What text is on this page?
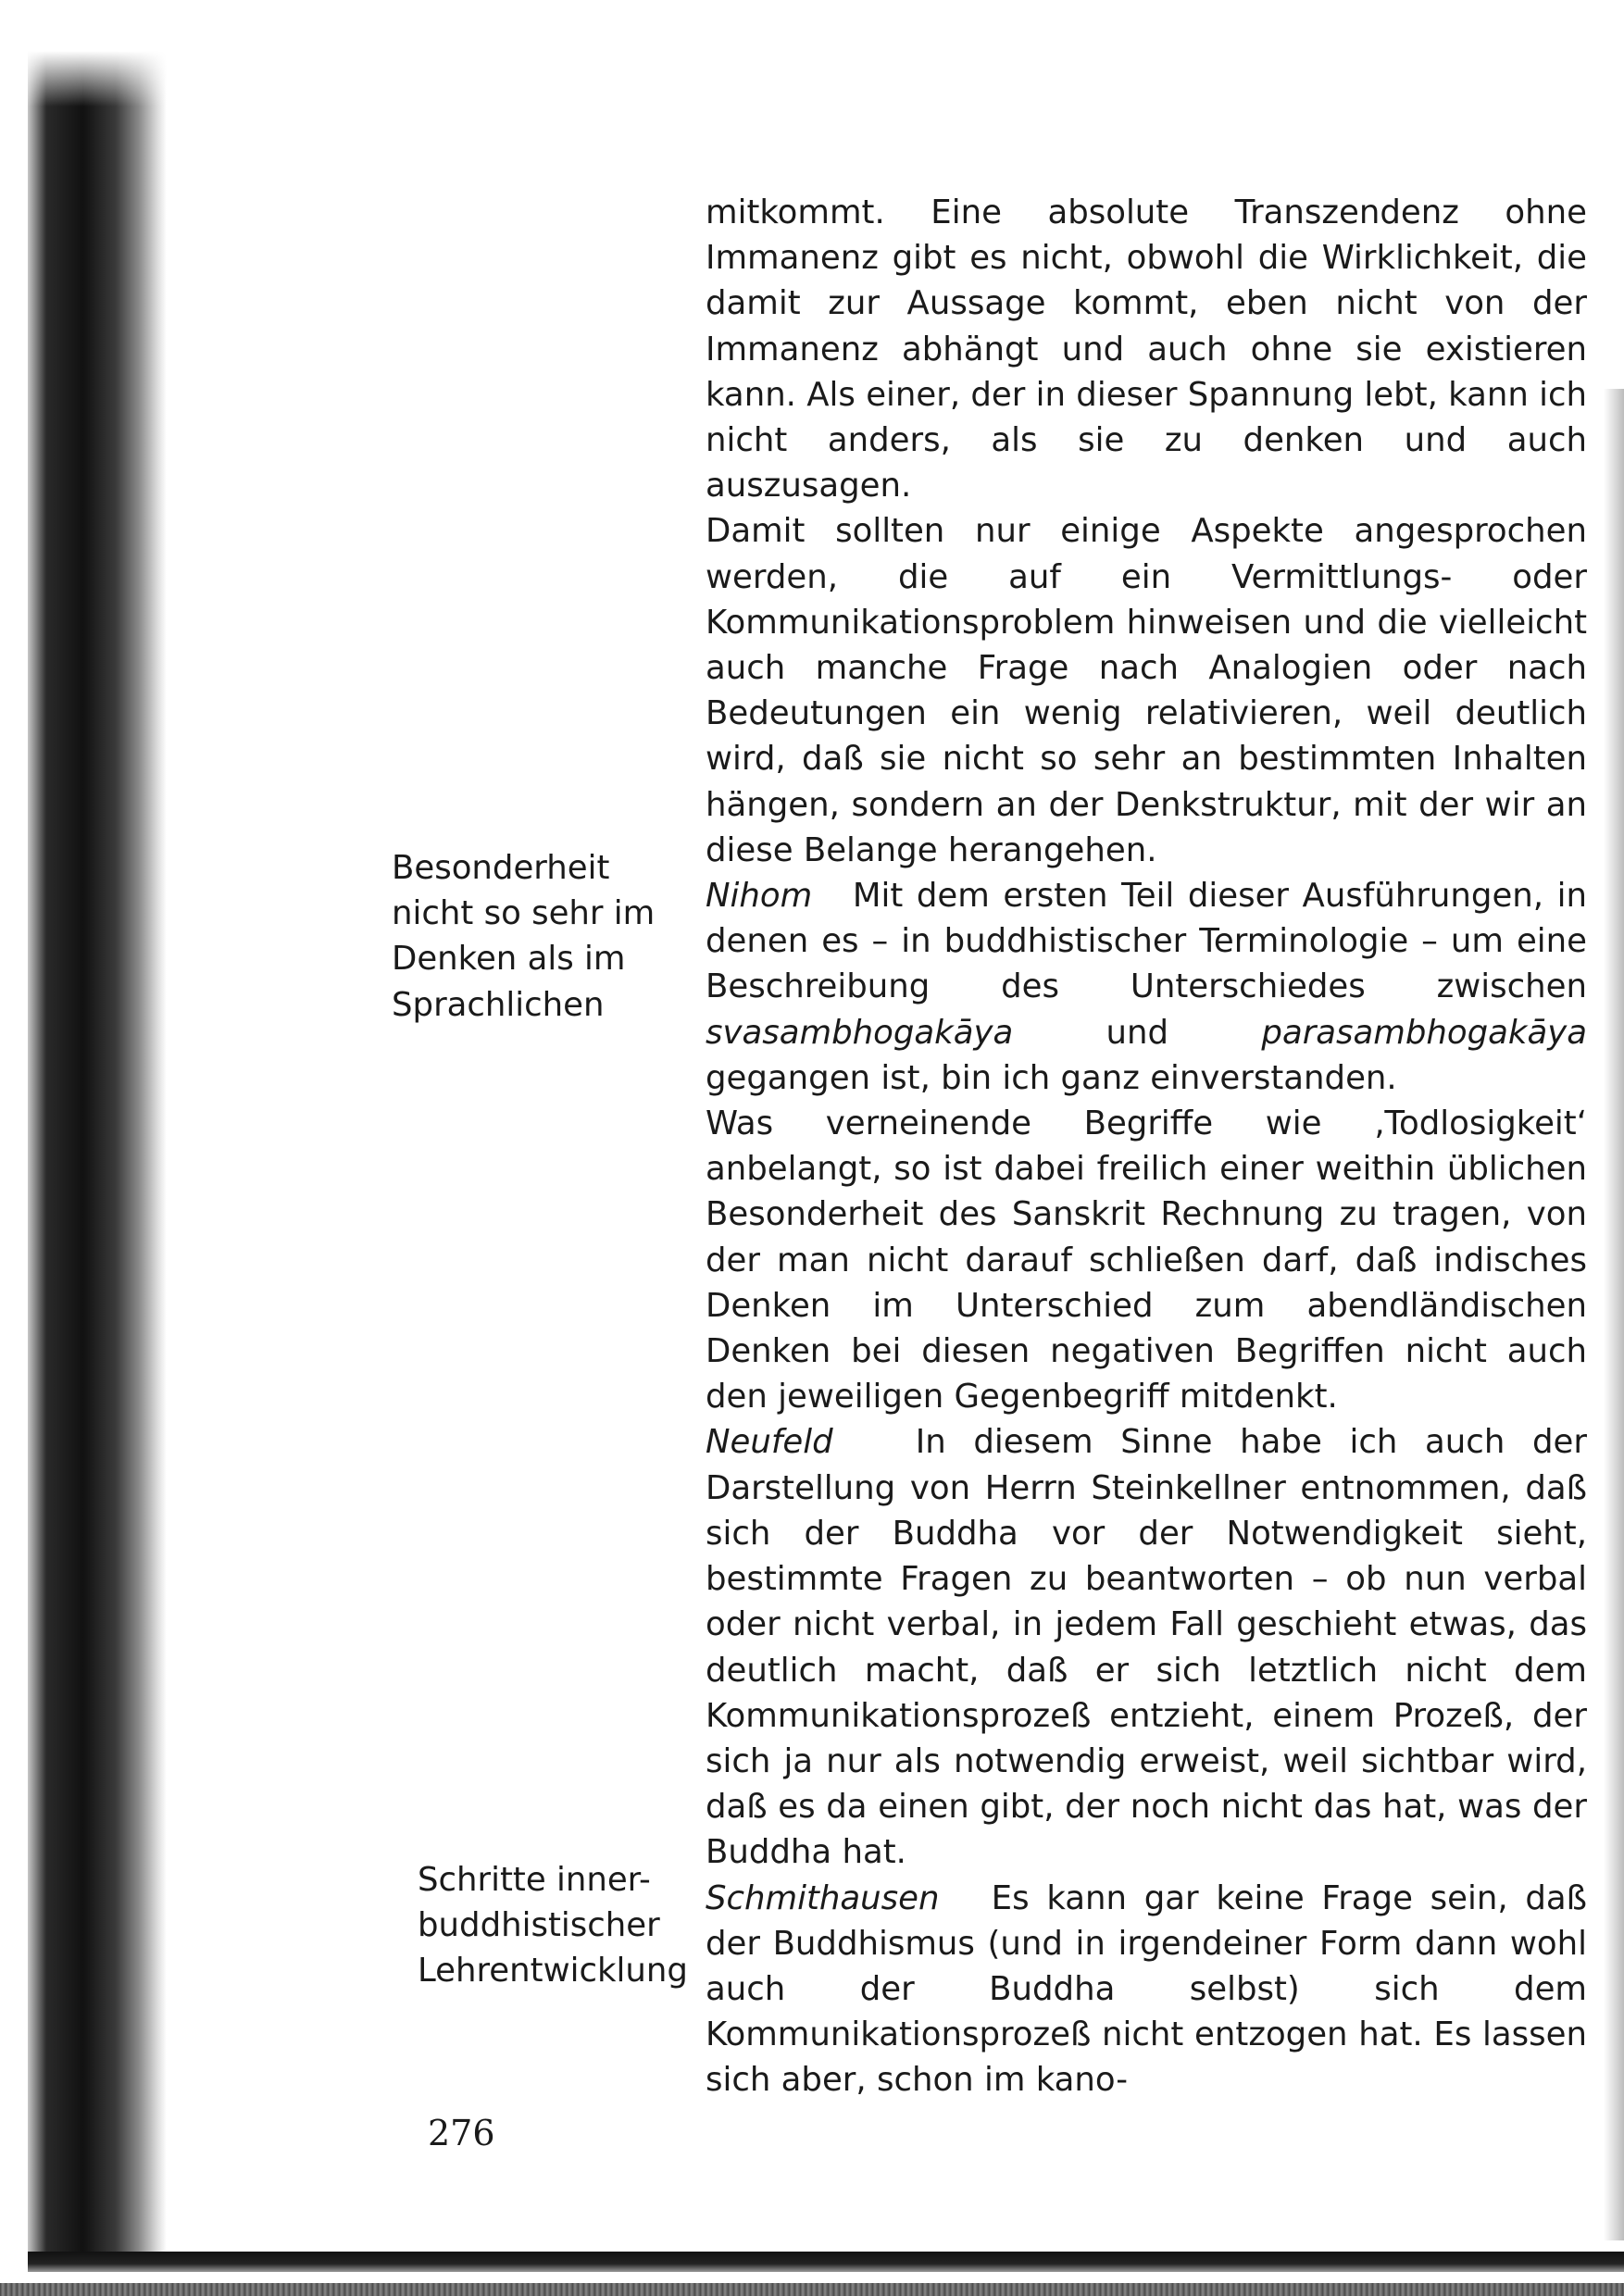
Besonderheit
nicht so sehr im
Denken als im
Sprachlichen
Schritte inner-
buddhistischer
Lehrentwicklung

mitkommt. Eine absolute Transzendenz ohne Immanenz gibt es nicht, obwohl die Wirklichkeit, die damit zur Aussage kommt, eben nicht von der Immanenz abhängt und auch ohne sie existieren kann. Als einer, der in dieser Spannung lebt, kann ich nicht anders, als sie zu denken und auch auszusagen.

Damit sollten nur einige Aspekte angesprochen werden, die auf ein Vermittlungs- oder Kommunikationsproblem hinweisen und die vielleicht auch manche Frage nach Analogien oder nach Bedeutungen ein wenig relativieren, weil deutlich wird, daß sie nicht so sehr an bestimmten Inhalten hängen, sondern an der Denkstruktur, mit der wir an diese Belange herangehen.

Nihom Mit dem ersten Teil dieser Ausführungen, in denen es – in buddhistischer Terminologie – um eine Beschreibung des Unterschiedes zwischen svasambhogakāya und parasambhogakāya gegangen ist, bin ich ganz einverstanden.

Was verneinende Begriffe wie ‚Todlosigkeit‘ anbelangt, so ist dabei freilich einer weithin üblichen Besonderheit des Sanskrit Rechnung zu tragen, von der man nicht darauf schließen darf, daß indisches Denken im Unterschied zum abendländischen Denken bei diesen negativen Begriffen nicht auch den jeweiligen Gegenbegriff mitdenkt.

Neufeld	In diesem Sinne habe ich auch der Darstellung von Herrn Steinkellner entnommen, daß sich der Buddha vor der Notwendigkeit sieht, bestimmte Fragen zu beantworten – ob nun verbal oder nicht verbal, in jedem Fall geschieht etwas, das deutlich macht, daß er sich letztlich nicht dem Kommunikationsprozeß entzieht, einem Prozeß, der sich ja nur als notwendig erweist, weil sichtbar wird, daß es da einen gibt, der noch nicht das hat, was der Buddha hat.

Schmithausen Es kann gar keine Frage sein, daß der Buddhismus (und in irgendeiner Form dann wohl auch der Buddha selbst) sich dem Kommunikationsprozeß nicht entzogen hat. Es lassen sich aber, schon im kano-

276
